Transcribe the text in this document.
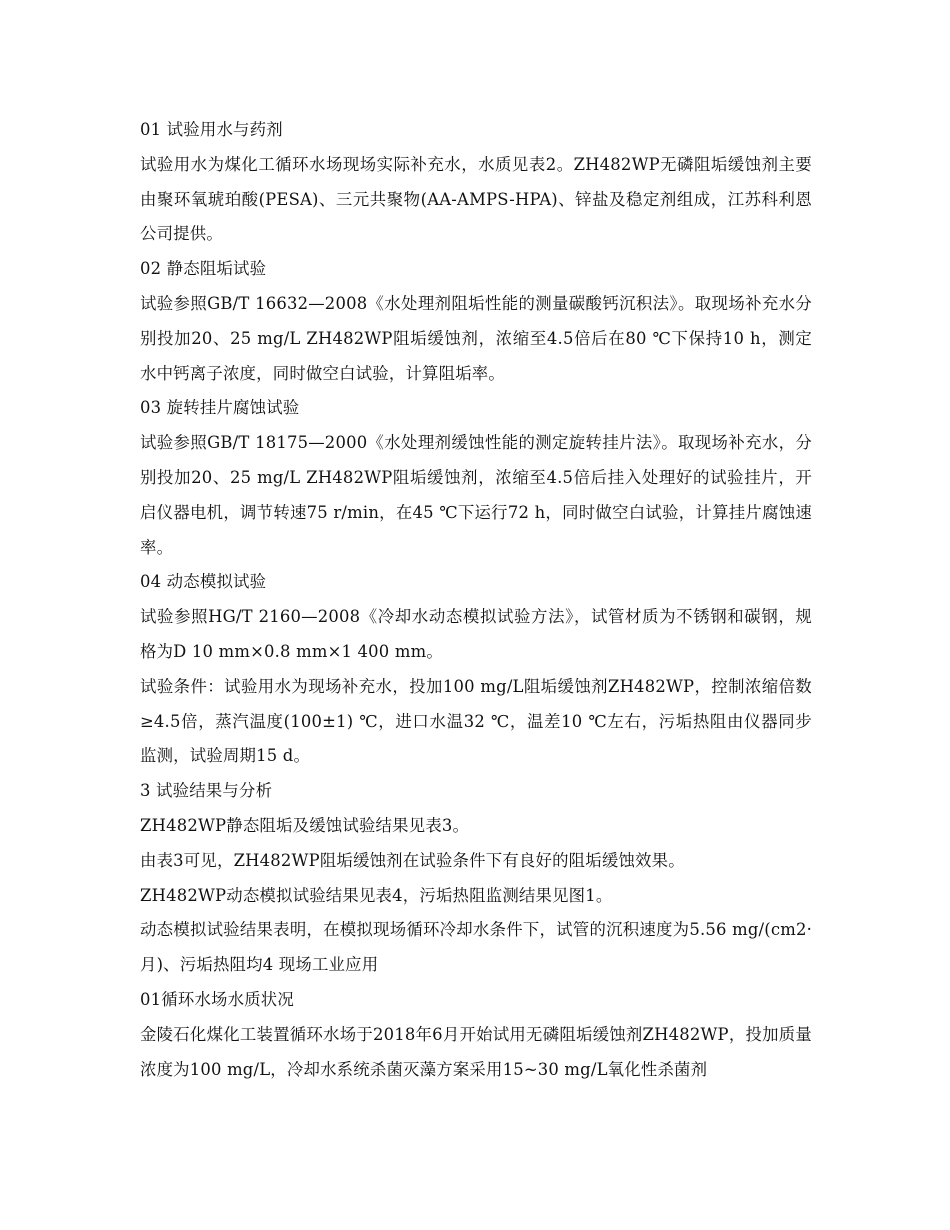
01 试验用水与药剂

试验用水为煤化工循环水场现场实际补充水，水质见表2。ZH482WP无磷阻垢缓蚀剂主要由聚环氧琥珀酸(PESA)、三元共聚物(AA-AMPS-HPA)、锌盐及稳定剂组成，江苏科利恩公司提供。

02 静态阻垢试验

试验参照GB/T 16632—2008《水处理剂阻垢性能的测量碳酸钙沉积法》。取现场补充水分别投加20、25 mg/L ZH482WP阻垢缓蚀剂，浓缩至4.5倍后在80 ℃下保持10 h，测定水中钙离子浓度，同时做空白试验，计算阻垢率。

03 旋转挂片腐蚀试验

试验参照GB/T 18175—2000《水处理剂缓蚀性能的测定旋转挂片法》。取现场补充水，分别投加20、25 mg/L ZH482WP阻垢缓蚀剂，浓缩至4.5倍后挂入处理好的试验挂片，开启仪器电机，调节转速75 r/min，在45 ℃下运行72 h，同时做空白试验，计算挂片腐蚀速率。

04 动态模拟试验

试验参照HG/T 2160—2008《冷却水动态模拟试验方法》，试管材质为不锈钢和碳钢，规格为D 10 mm×0.8 mm×1 400 mm。

试验条件：试验用水为现场补充水，投加100 mg/L阻垢缓蚀剂ZH482WP，控制浓缩倍数≥4.5倍，蒸汽温度(100±1) ℃，进口水温32 ℃，温差10 ℃左右，污垢热阻由仪器同步监测，试验周期15 d。

3 试验结果与分析

ZH482WP静态阻垢及缓蚀试验结果见表3。

由表3可见，ZH482WP阻垢缓蚀剂在试验条件下有良好的阻垢缓蚀效果。

ZH482WP动态模拟试验结果见表4，污垢热阻监测结果见图1。

动态模拟试验结果表明，在模拟现场循环冷却水条件下，试管的沉积速度为5.56 mg/(cm2·月)、污垢热阻均4 现场工业应用

01循环水场水质状况

金陵石化煤化工装置循环水场于2018年6月开始试用无磷阻垢缓蚀剂ZH482WP，投加质量浓度为100 mg/L，冷却水系统杀菌灭藻方案采用15~30 mg/L氧化性杀菌剂
